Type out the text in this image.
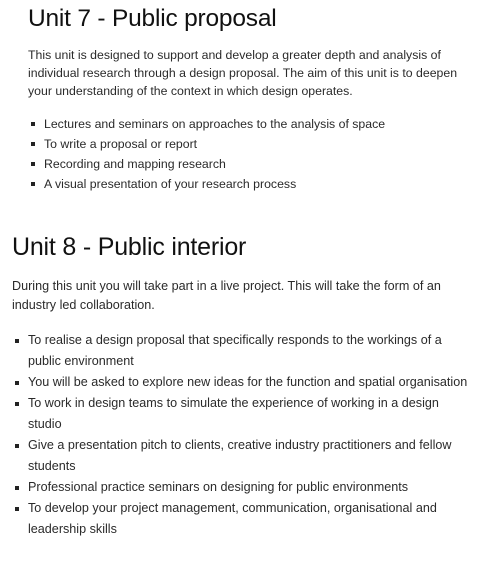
Unit 7 - Public proposal

This unit is designed to support and develop a greater depth and analysis of individual research through a design proposal. The aim of this unit is to deepen your understanding of the context in which design operates.

Lectures and seminars on approaches to the analysis of space
To write a proposal or report
Recording and mapping research
A visual presentation of your research process
Unit 8 - Public interior

During this unit you will take part in a live project. This will take the form of an industry led collaboration.

To realise a design proposal that specifically responds to the workings of a public environment
You will be asked to explore new ideas for the function and spatial organisation
To work in design teams to simulate the experience of working in a design studio
Give a presentation pitch to clients, creative industry practitioners and fellow students
Professional practice seminars on designing for public environments
To develop your project management, communication, organisational and leadership skills
